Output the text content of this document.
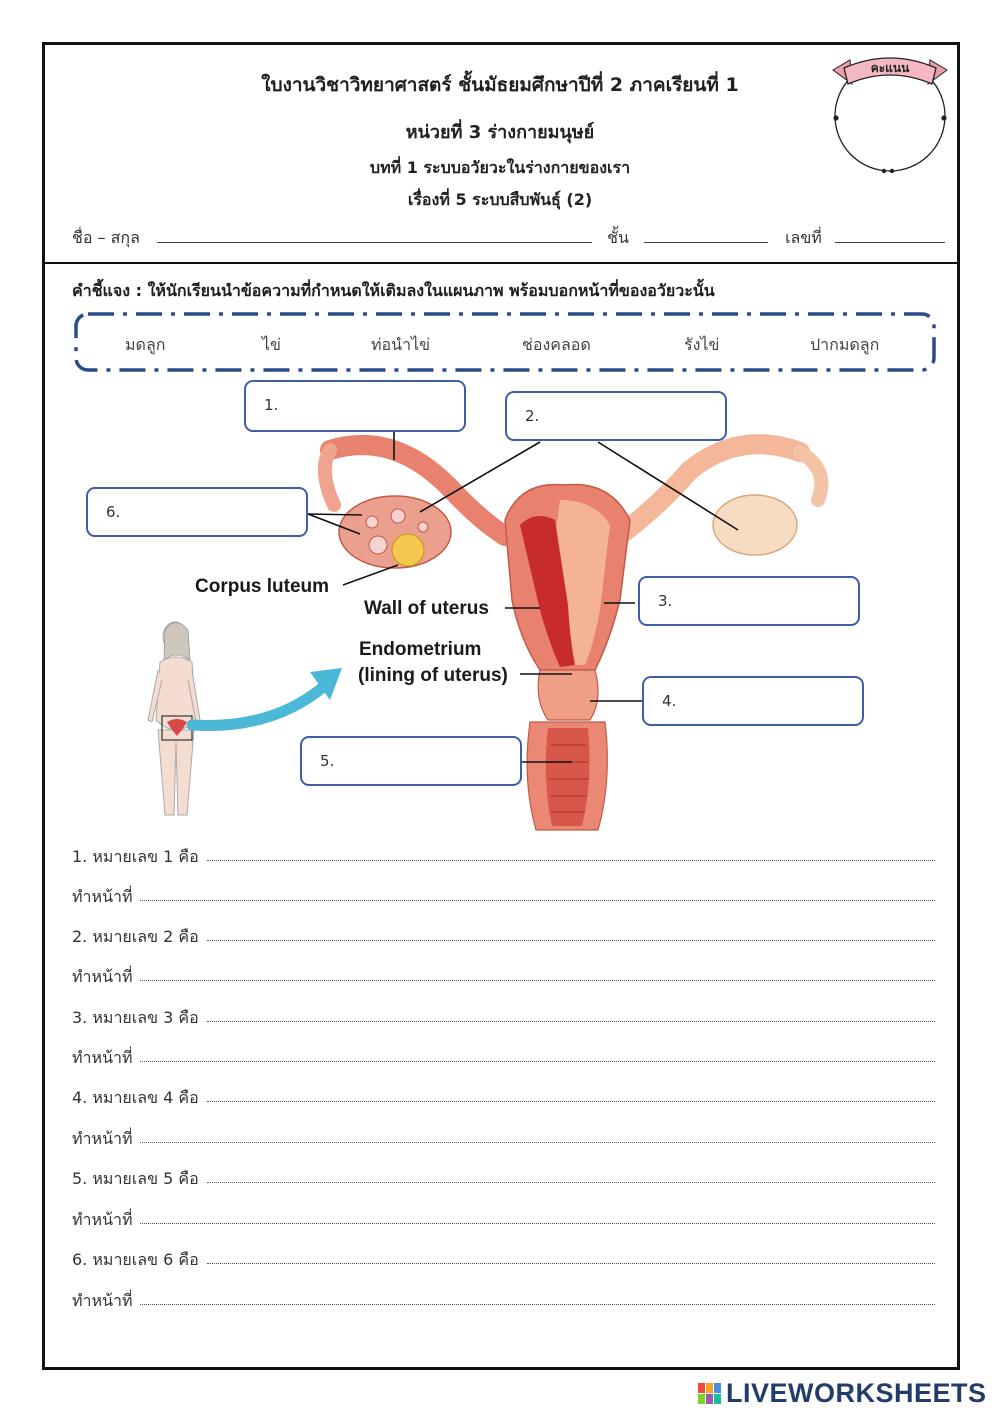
ใบงานวิชาวิทยาศาสตร์ ชั้นมัธยมศึกษาปีที่ 2 ภาคเรียนที่ 1
หน่วยที่ 3 ร่างกายมนุษย์
บทที่ 1 ระบบอวัยวะในร่างกายของเรา
เรื่องที่ 5 ระบบสืบพันธุ์ (2)
ชื่อ – สกุล	ชั้น	เลขที่
คะแนน
คำชี้แจง : ให้นักเรียนนำข้อความที่กำหนดให้เติมลงในแผนภาพ พร้อมบอกหน้าที่ของอวัยวะนั้น
มดลูก	ไข่	ท่อนำไข่	ช่องคลอด	รังไข่	ปากมดลูก
Corpus luteum
Wall of uterus
Endometrium
(lining of uterus)
1.
2.
3.
4.
5.
6.
1. หมายเลข 1 คือ
ทำหน้าที่
2. หมายเลข 2 คือ
ทำหน้าที่
3. หมายเลข 3 คือ
ทำหน้าที่
4. หมายเลข 4 คือ
ทำหน้าที่
5. หมายเลข 5 คือ
ทำหน้าที่
6. หมายเลข 6 คือ
ทำหน้าที่
LIVEWORKSHEETS
